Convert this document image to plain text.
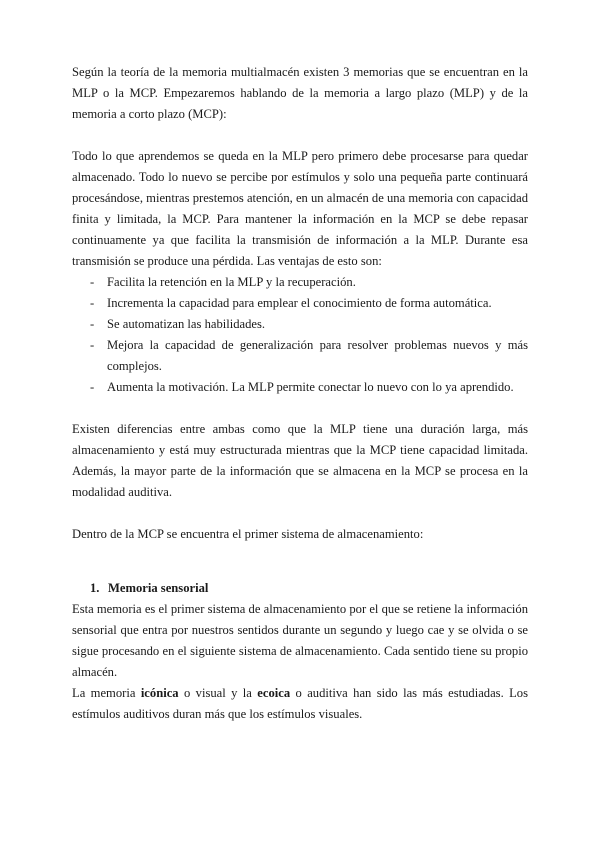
Según la teoría de la memoria multialmacén existen 3 memorias que se encuentran en la MLP o la MCP. Empezaremos hablando de la memoria a largo plazo (MLP) y de la memoria a corto plazo (MCP):

Todo lo que aprendemos se queda en la MLP pero primero debe procesarse para quedar almacenado. Todo lo nuevo se percibe por estímulos y solo una pequeña parte continuará procesándose, mientras prestemos atención, en un almacén de una memoria con capacidad finita y limitada, la MCP. Para mantener la información en la MCP se debe repasar continuamente ya que facilita la transmisión de información a la MLP. Durante esa transmisión se produce una pérdida. Las ventajas de esto son:

- Facilita la retención en la MLP y la recuperación.
- Incrementa la capacidad para emplear el conocimiento de forma automática.
- Se automatizan las habilidades.
- Mejora la capacidad de generalización para resolver problemas nuevos y más complejos.
- Aumenta la motivación. La MLP permite conectar lo nuevo con lo ya aprendido.

Existen diferencias entre ambas como que la MLP tiene una duración larga, más almacenamiento y está muy estructurada mientras que la MCP tiene capacidad limitada. Además, la mayor parte de la información que se almacena en la MCP se procesa en la modalidad auditiva.

Dentro de la MCP se encuentra el primer sistema de almacenamiento:

1. Memoria sensorial

Esta memoria es el primer sistema de almacenamiento por el que se retiene la información sensorial que entra por nuestros sentidos durante un segundo y luego cae y se olvida o se sigue procesando en el siguiente sistema de almacenamiento. Cada sentido tiene su propio almacén.

La memoria icónica o visual y la ecoica o auditiva han sido las más estudiadas. Los estímulos auditivos duran más que los estímulos visuales.
